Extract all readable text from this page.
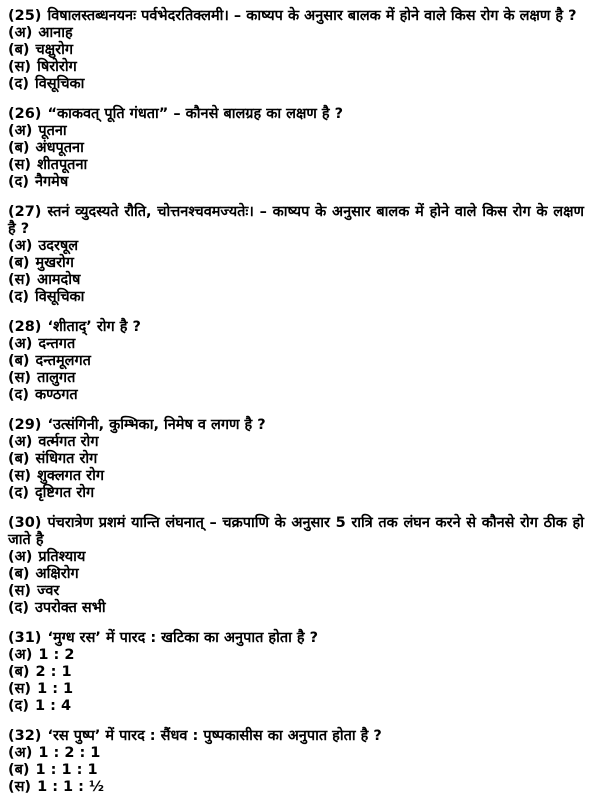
(25) विषालस्तब्धनयनः पर्वभेदरतिक्लमी। – काष्यप के अनुसार बालक में होने वाले किस रोग के लक्षण है ?

(अ) आनाह

(ब) चक्षुरोग

(स) षिरोरोग

(द) विसूचिका

(26) “काकवत् पूति गंधता” – कौनसे बालग्रह का लक्षण है ?

(अ) पूतना

(ब) अंधपूतना

(स) शीतपूतना

(द) नैगमेष

(27) स्तनं व्युदस्यते रौति, चोत्तनश्चवमज्यतेः। – काष्यप के अनुसार बालक में होने वाले किस रोग के लक्षण है ?

(अ) उदरषूल

(ब) मुखरोग

(स) आमदोष

(द) विसूचिका

(28) ‘शीताद्’ रोग है ?

(अ) दन्तगत

(ब) दन्तमूलगत

(स) तालुगत

(द) कण्ठगत

(29) ‘उत्संगिनी, कुम्भिका, निमेष व लगण है ?

(अ) वर्त्मगत रोग

(ब) संधिगत रोग

(स) शुक्लगत रोग

(द) दृष्टिगत रोग

(30) पंचरात्रेण प्रशमं यान्ति लंघनात् – चक्रपाणि के अनुसार 5 रात्रि तक लंघन करने से कौनसे रोग ठीक हो जाते है

(अ) प्रतिश्याय

(ब) अक्षिरोग

(स) ज्वर

(द) उपरोक्त सभी

(31) ‘मुग्ध रस’ में पारद : खटिका का अनुपात होता है ?

(अ) 1 : 2

(ब) 2 : 1

(स) 1 : 1

(द) 1 : 4

(32) ‘रस पुष्प’ में पारद : सैंधव : पुष्पकासीस का अनुपात होता है ?

(अ) 1 : 2 : 1

(ब) 1 : 1 : 1

(स) 1 : 1 : ½
